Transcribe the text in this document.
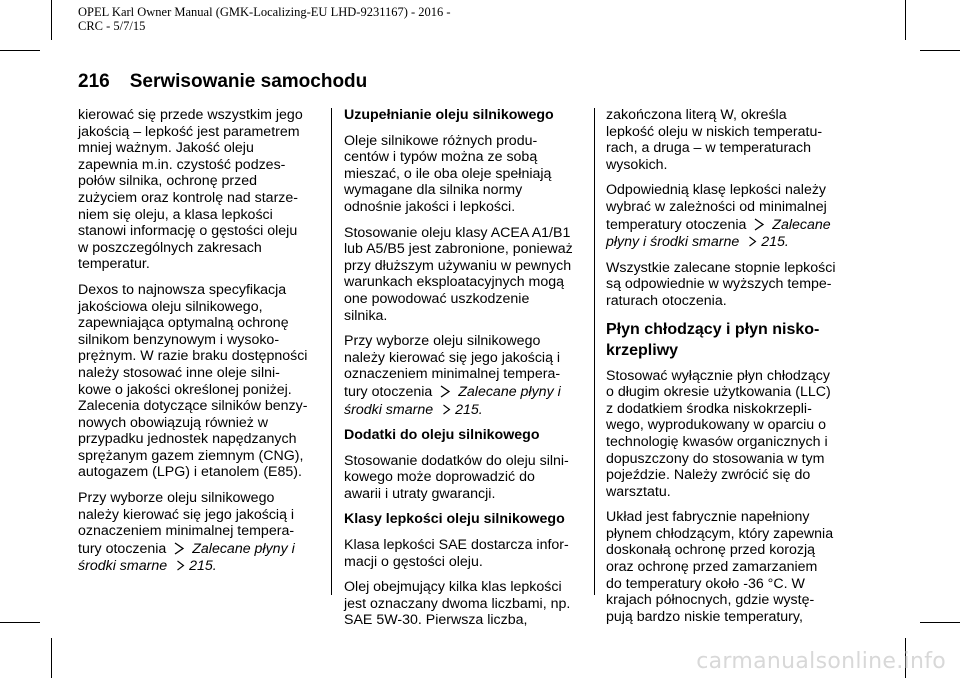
OPEL Karl Owner Manual (GMK-Localizing-EU LHD-9231167) - 2016 -
CRC - 5/7/15
216 Serwisowanie samochodu

kierować się przede wszystkim jego
jakością – lepkość jest parametrem
mniej ważnym. Jakość oleju
zapewnia m.in. czystość podzes-
połów silnika, ochronę przed
zużyciem oraz kontrolę nad starze-
niem się oleju, a klasa lepkości
stanowi informację o gęstości oleju
w poszczególnych zakresach
temperatur.

Dexos to najnowsza specyfikacja
jakościowa oleju silnikowego,
zapewniająca optymalną ochronę
silnikom benzynowym i wysoko-
prężnym. W razie braku dostępności
należy stosować inne oleje silni-
kowe o jakości określonej poniżej.
Zalecenia dotyczące silników benzy-
nowych obowiązują również w
przypadku jednostek napędzanych
sprężanym gazem ziemnym (CNG),
autogazem (LPG) i etanolem (E85).

Przy wyborze oleju silnikowego
należy kierować się jego jakością i
oznaczeniem minimalnej tempera-
tury otoczenia Zalecane płyny i
środki smarne 215.

Uzupełnianie oleju silnikowego

Oleje silnikowe różnych produ-
centów i typów można ze sobą
mieszać, o ile oba oleje spełniają
wymagane dla silnika normy
odnośnie jakości i lepkości.

Stosowanie oleju klasy ACEA A1/B1
lub A5/B5 jest zabronione, ponieważ
przy dłuższym używaniu w pewnych
warunkach eksploatacyjnych mogą
one powodować uszkodzenie
silnika.

Przy wyborze oleju silnikowego
należy kierować się jego jakością i
oznaczeniem minimalnej tempera-
tury otoczenia Zalecane płyny i
środki smarne 215.

Dodatki do oleju silnikowego

Stosowanie dodatków do oleju silni-
kowego może doprowadzić do
awarii i utraty gwarancji.

Klasy lepkości oleju silnikowego

Klasa lepkości SAE dostarcza infor-
macji o gęstości oleju.

Olej obejmujący kilka klas lepkości
jest oznaczany dwoma liczbami, np.
SAE 5W-30. Pierwsza liczba,

zakończona literą W, określa
lepkość oleju w niskich temperatu-
rach, a druga – w temperaturach
wysokich.

Odpowiednią klasę lepkości należy
wybrać w zależności od minimalnej
temperatury otoczenia Zalecane
płyny i środki smarne 215.

Wszystkie zalecane stopnie lepkości
są odpowiednie w wyższych tempe-
raturach otoczenia.

Płyn chłodzący i płyn nisko-
krzepliwy

Stosować wyłącznie płyn chłodzący
o długim okresie użytkowania (LLC)
z dodatkiem środka niskokrzepli-
wego, wyprodukowany w oparciu o
technologię kwasów organicznych i
dopuszczony do stosowania w tym
pojeździe. Należy zwrócić się do
warsztatu.

Układ jest fabrycznie napełniony
płynem chłodzącym, który zapewnia
doskonałą ochronę przed korozją
oraz ochronę przed zamarzaniem
do temperatury około -36 °C. W
krajach północnych, gdzie wystę-
pują bardzo niskie temperatury,

carmanualsonline.info
